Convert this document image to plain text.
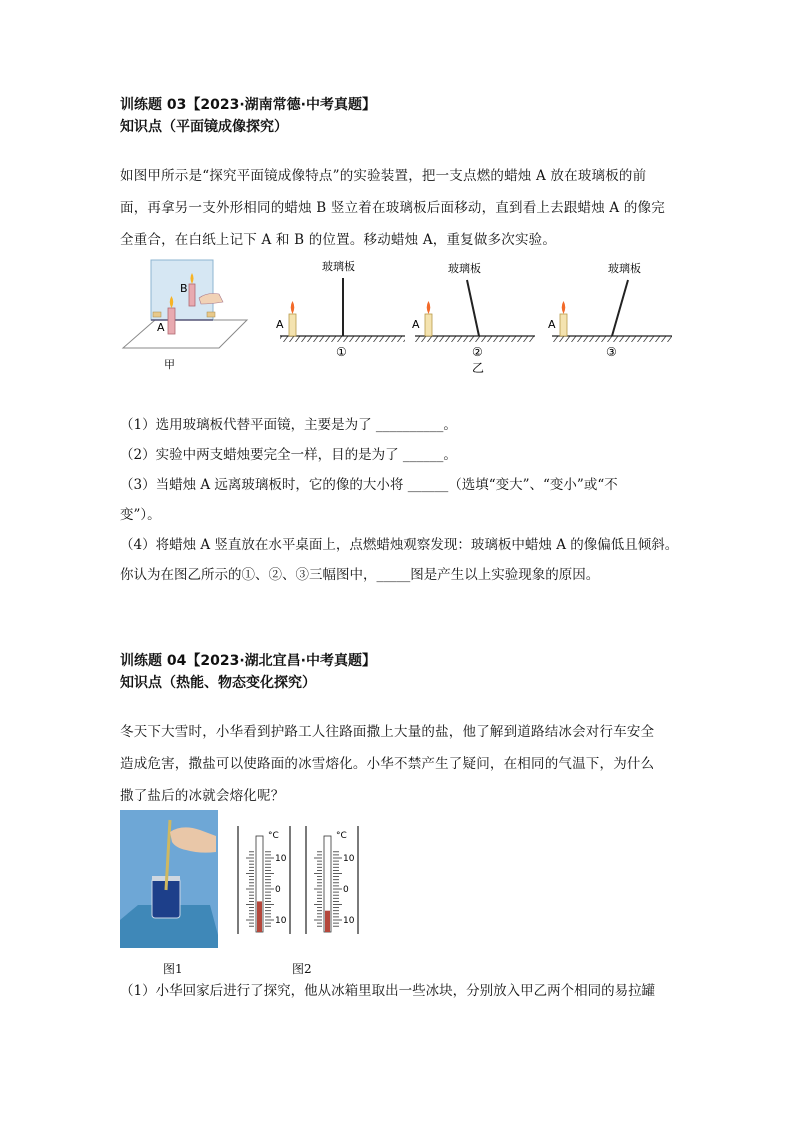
训练题 03【2023·湖南常德·中考真题】
知识点（平面镜成像探究）
如图甲所示是“探究平面镜成像特点”的实验装置，把一支点燃的蜡烛 A 放在玻璃板的前
面，再拿另一支外形相同的蜡烛 B 竖立着在玻璃板后面移动，直到看上去跟蜡烛 A 的像完
全重合，在白纸上记下 A 和 B 的位置。移动蜡烛 A，重复做多次实验。
A
B
甲
玻璃板
A
①
玻璃板
A
②
乙
玻璃板
A
③
（1）选用玻璃板代替平面镜，主要是为了 __________。
（2）实验中两支蜡烛要完全一样，目的是为了 ______。
（3）当蜡烛 A 远离玻璃板时，它的像的大小将 ______（选填“变大”、“变小”或“不
变”）。
（4）将蜡烛 A 竖直放在水平桌面上，点燃蜡烛观察发现：玻璃板中蜡烛 A 的像偏低且倾斜。
你认为在图乙所示的①、②、③三幅图中，_____图是产生以上实验现象的原因。
训练题 04【2023·湖北宜昌·中考真题】
知识点（热能、物态变化探究）
冬天下大雪时，小华看到护路工人往路面撒上大量的盐，他了解到道路结冰会对行车安全
造成危害，撒盐可以使路面的冰雪熔化。小华不禁产生了疑问，在相同的气温下，为什么
撒了盐后的冰就会熔化呢？
图1
°C
10
0
10
°C
10
0
10
图2
（1）小华回家后进行了探究，他从冰箱里取出一些冰块，分别放入甲乙两个相同的易拉罐
